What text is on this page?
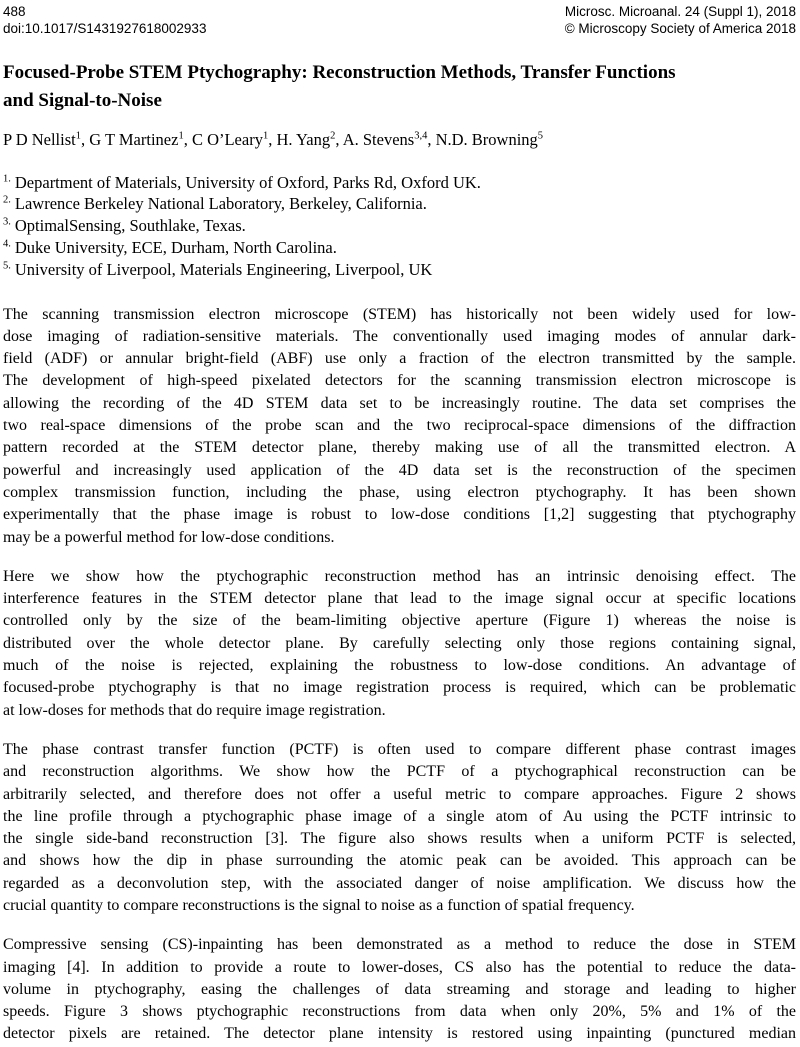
488
doi:10.1017/S1431927618002933
Microsc. Microanal. 24 (Suppl 1), 2018
© Microscopy Society of America 2018
Focused-Probe STEM Ptychography: Reconstruction Methods, Transfer Functions
and Signal-to-Noise
P D Nellist$^1$, G T Martinez$^1$, C O’Leary$^1$, H. Yang$^2$, A. Stevens$^{3,4}$, N.D. Browning$^5$
$^{1.}$ Department of Materials, University of Oxford, Parks Rd, Oxford UK.
$^{2.}$ Lawrence Berkeley National Laboratory, Berkeley, California.
$^{3.}$ OptimalSensing, Southlake, Texas.
$^{4.}$ Duke University, ECE, Durham, North Carolina.
$^{5.}$ University of Liverpool, Materials Engineering, Liverpool, UK
The scanning transmission electron microscope (STEM) has historically not been widely used for low-
dose imaging of radiation-sensitive materials. The conventionally used imaging modes of annular dark-
field (ADF) or annular bright-field (ABF) use only a fraction of the electron transmitted by the sample.
The development of high-speed pixelated detectors for the scanning transmission electron microscope is
allowing the recording of the 4D STEM data set to be increasingly routine. The data set comprises the
two real-space dimensions of the probe scan and the two reciprocal-space dimensions of the diffraction
pattern recorded at the STEM detector plane, thereby making use of all the transmitted electron. A
powerful and increasingly used application of the 4D data set is the reconstruction of the specimen
complex transmission function, including the phase, using electron ptychography. It has been shown
experimentally that the phase image is robust to low-dose conditions [1,2] suggesting that ptychography
may be a powerful method for low-dose conditions.
Here we show how the ptychographic reconstruction method has an intrinsic denoising effect. The
interference features in the STEM detector plane that lead to the image signal occur at specific locations
controlled only by the size of the beam-limiting objective aperture (Figure 1) whereas the noise is
distributed over the whole detector plane. By carefully selecting only those regions containing signal,
much of the noise is rejected, explaining the robustness to low-dose conditions. An advantage of
focused-probe ptychography is that no image registration process is required, which can be problematic
at low-doses for methods that do require image registration.
The phase contrast transfer function (PCTF) is often used to compare different phase contrast images
and reconstruction algorithms. We show how the PCTF of a ptychographical reconstruction can be
arbitrarily selected, and therefore does not offer a useful metric to compare approaches. Figure 2 shows
the line profile through a ptychographic phase image of a single atom of Au using the PCTF intrinsic to
the single side-band reconstruction [3]. The figure also shows results when a uniform PCTF is selected,
and shows how the dip in phase surrounding the atomic peak can be avoided. This approach can be
regarded as a deconvolution step, with the associated danger of noise amplification. We discuss how the
crucial quantity to compare reconstructions is the signal to noise as a function of spatial frequency.
Compressive sensing (CS)-inpainting has been demonstrated as a method to reduce the dose in STEM
imaging [4]. In addition to provide a route to lower-doses, CS also has the potential to reduce the data-
volume in ptychography, easing the challenges of data streaming and storage and leading to higher
speeds. Figure 3 shows ptychographic reconstructions from data when only 20%, 5% and 1% of the
detector pixels are retained. The detector plane intensity is restored using inpainting (punctured median
